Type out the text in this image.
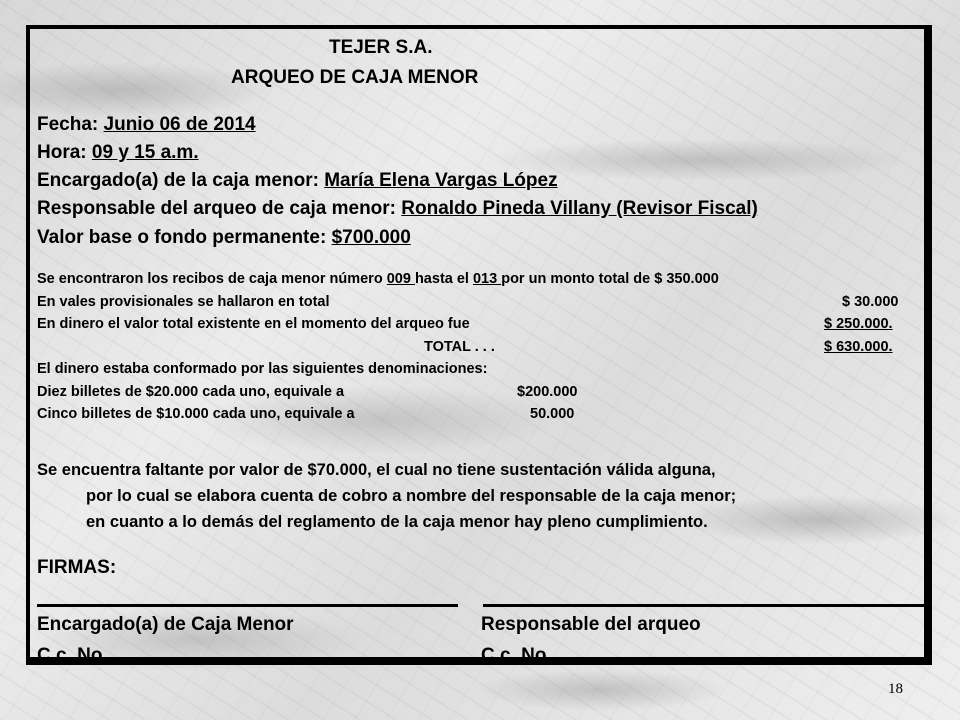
TEJER S.A.
ARQUEO DE CAJA MENOR
Fecha: Junio 06 de 2014
Hora: 09 y 15 a.m.
Encargado(a) de la caja menor: María Elena Vargas López
Responsable del arqueo de caja menor: Ronaldo Pineda Villany (Revisor Fiscal)
Valor base o fondo permanente: $700.000
Se encontraron los recibos de caja menor número 009 hasta el 013 por un monto total de $ 350.000
En vales provisionales se hallaron en total	$ 30.000
En dinero el valor total existente en el momento del arqueo fue	$ 250.000.
TOTAL . . .	$ 630.000.
El dinero estaba conformado por las siguientes denominaciones:
Diez billetes de $20.000 cada uno, equivale a	$200.000
Cinco billetes de $10.000 cada uno, equivale a	50.000
Se encuentra faltante por valor de $70.000, el cual no tiene sustentación válida alguna,
por lo cual se elabora cuenta de cobro a nombre del responsable de la caja menor;
en cuanto a lo demás del reglamento de la caja menor hay pleno cumplimiento.
FIRMAS:
Encargado(a) de Caja Menor
C.c. No.
Responsable del arqueo
C.c. No.
18
